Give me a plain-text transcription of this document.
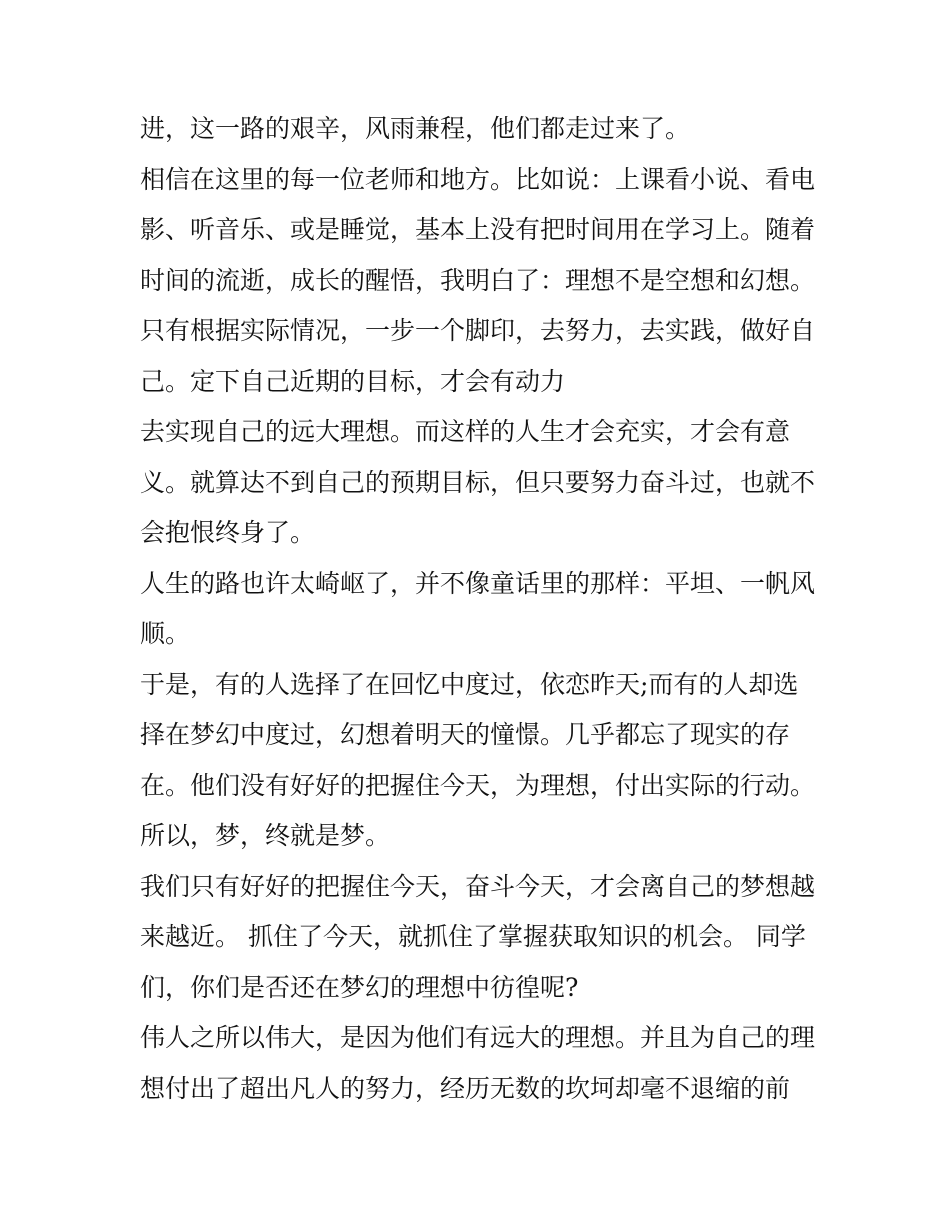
进，这一路的艰辛，风雨兼程，他们都走过来了。
相信在这里的每一位老师和地方。比如说：上课看小说、看电
影、听音乐、或是睡觉，基本上没有把时间用在学习上。随着
时间的流逝，成长的醒悟，我明白了：理想不是空想和幻想。
只有根据实际情况，一步一个脚印，去努力，去实践，做好自
己。定下自己近期的目标，才会有动力
去实现自己的远大理想。而这样的人生才会充实，才会有意
义。就算达不到自己的预期目标，但只要努力奋斗过，也就不
会抱恨终身了。
人生的路也许太崎岖了，并不像童话里的那样：平坦、一帆风
顺。
于是，有的人选择了在回忆中度过，依恋昨天;而有的人却选
择在梦幻中度过，幻想着明天的憧憬。几乎都忘了现实的存
在。他们没有好好的把握住今天，为理想，付出实际的行动。
所以，梦，终就是梦。
我们只有好好的把握住今天，奋斗今天，才会离自己的梦想越
来越近。 抓住了今天，就抓住了掌握获取知识的机会。 同学
们，你们是否还在梦幻的理想中彷徨呢?
伟人之所以伟大，是因为他们有远大的理想。并且为自己的理
想付出了超出凡人的努力，经历无数的坎坷却毫不退缩的前
